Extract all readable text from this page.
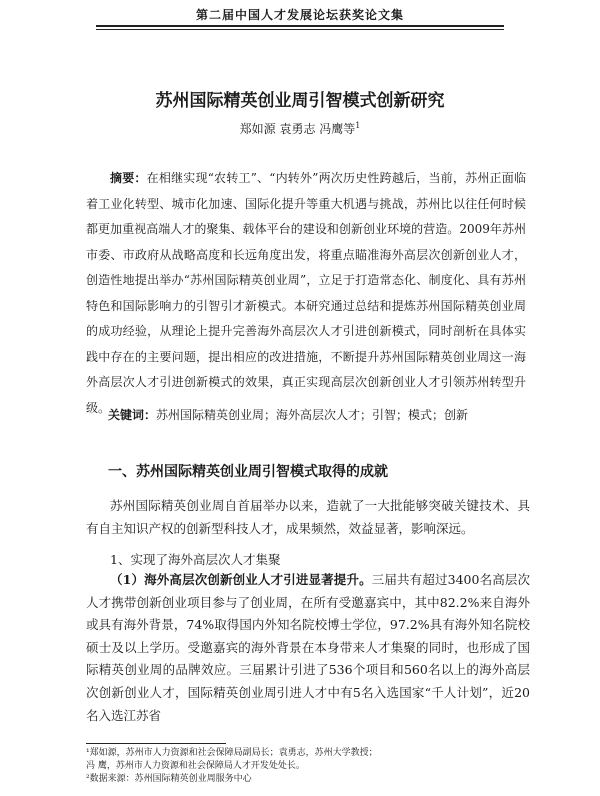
第二届中国人才发展论坛获奖论文集
苏州国际精英创业周引智模式创新研究
郑如源 袁勇志 冯鹰等$^1$
摘要：在相继实现“农转工”、“内转外”两次历史性跨越后，当前，苏州正面临着工业化转型、城市化加速、国际化提升等重大机遇与挑战，苏州比以往任何时候都更加重视高端人才的聚集、载体平台的建设和创新创业环境的营造。2009年苏州市委、市政府从战略高度和长远角度出发，将重点瞄准海外高层次创新创业人才，创造性地提出举办“苏州国际精英创业周”，立足于打造常态化、制度化、具有苏州特色和国际影响力的引智引才新模式。本研究通过总结和提炼苏州国际精英创业周的成功经验，从理论上提升完善海外高层次人才引进创新模式，同时剖析在具体实践中存在的主要问题，提出相应的改进措施，不断提升苏州国际精英创业周这一海外高层次人才引进创新模式的效果，真正实现高层次创新创业人才引领苏州转型升级。
关键词：苏州国际精英创业周；海外高层次人才；引智；模式；创新
一、苏州国际精英创业周引智模式取得的成就
苏州国际精英创业周自首届举办以来，造就了一大批能够突破关键技术、具有自主知识产权的创新型科技人才，成果频然，效益显著，影响深远。
1、实现了海外高层次人才集聚
（1）海外高层次创新创业人才引进显著提升。三届共有超过3400名高层次人才携带创新创业项目参与了创业周，在所有受邀嘉宾中，其中82.2%来自海外或具有海外背景，74%取得国内外知名院校博士学位，97.2%具有海外知名院校硕士及以上学历。受邀嘉宾的海外背景在本身带来人才集聚的同时，也形成了国际精英创业周的品牌效应。三届累计引进了536个项目和560名以上的海外高层次创新创业人才，国际精英创业周引进人才中有5名入选国家“千人计划”，近20名入选江苏省
¹郑如源，苏州市人力资源和社会保障局副局长；袁勇志，苏州大学教授；
冯 鹰，苏州市人力资源和社会保障局人才开发处处长。
²数据来源：苏州国际精英创业周服务中心
